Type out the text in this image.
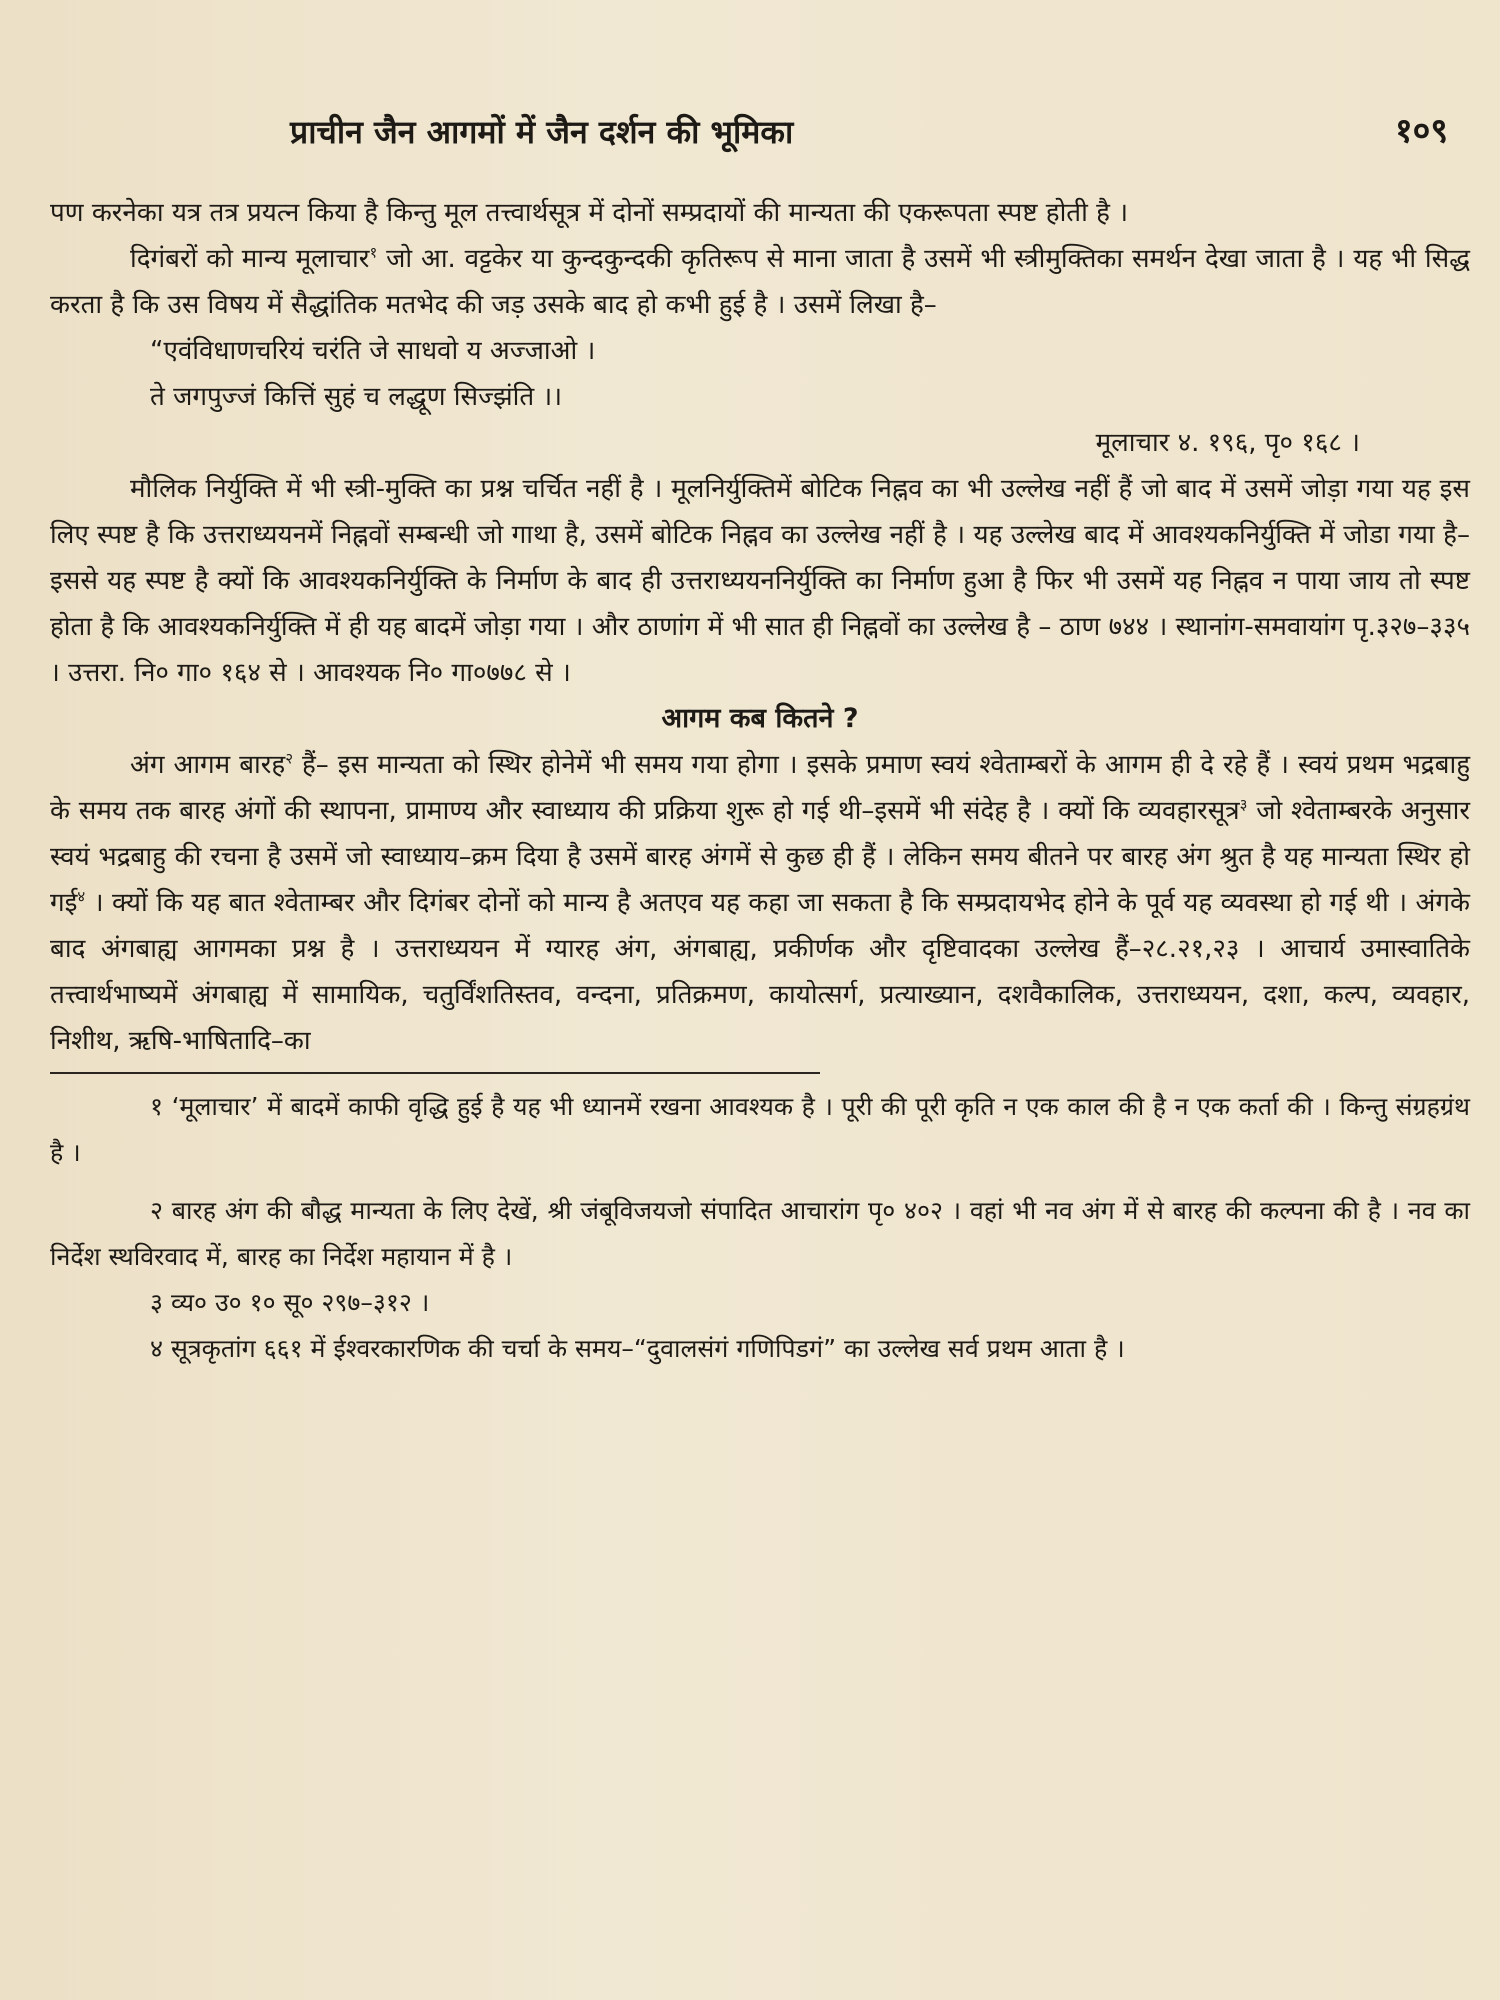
प्राचीन जैन आगमों में जैन दर्शन की भूमिका	१०९

पण करनेका यत्र तत्र प्रयत्न किया है किन्तु मूल तत्त्वार्थसूत्र में दोनों सम्प्रदायों की मान्यता की एकरूपता स्पष्ट होती है ।

दिगंबरों को मान्य मूलाचार$^१$ जो आ. वट्टकेर या कुन्दकुन्दकी कृतिरूप से माना जाता है उसमें भी स्त्रीमुक्तिका समर्थन देखा जाता है । यह भी सिद्ध करता है कि उस विषय में सैद्धांतिक मतभेद की जड़ उसके बाद हो कभी हुई है । उसमें लिखा है–

“एवंविधाणचरियं चरंति जे साधवो य अज्जाओ ।

ते जगपुज्जं कित्तिं सुहं च लद्धूण सिज्झंति ।।

मूलाचार ४. १९६, पृ० १६८ ।

मौलिक निर्युक्ति में भी स्त्री-मुक्ति का प्रश्न चर्चित नहीं है । मूलनिर्युक्तिमें बोटिक निह्नव का भी उल्लेख नहीं हैं जो बाद में उसमें जोड़ा गया यह इस लिए स्पष्ट है कि उत्तराध्ययनमें निह्नवों सम्बन्धी जो गाथा है, उसमें बोटिक निह्नव का उल्लेख नहीं है । यह उल्लेख बाद में आवश्यकनिर्युक्ति में जोडा गया है–इससे यह स्पष्ट है क्यों कि आवश्यकनिर्युक्ति के निर्माण के बाद ही उत्तराध्ययननिर्युक्ति का निर्माण हुआ है फिर भी उसमें यह निह्नव न पाया जाय तो स्पष्ट होता है कि आवश्यकनिर्युक्ति में ही यह बादमें जोड़ा गया । और ठाणांग में भी सात ही निह्नवों का उल्लेख है – ठाण ७४४ । स्थानांग-समवायांग पृ.३२७–३३५ । उत्तरा. नि० गा० १६४ से । आवश्यक नि० गा०७७८ से ।

आगम कब कितने ?

अंग आगम बारह$^२$ हैं– इस मान्यता को स्थिर होनेमें भी समय गया होगा । इसके प्रमाण स्वयं श्वेताम्बरों के आगम ही दे रहे हैं । स्वयं प्रथम भद्रबाहु के समय तक बारह अंगों की स्थापना, प्रामाण्य और स्वाध्याय की प्रक्रिया शुरू हो गई थी–इसमें भी संदेह है । क्यों कि व्यवहारसूत्र$^३$ जो श्वेताम्बरके अनुसार स्वयं भद्रबाहु की रचना है उसमें जो स्वाध्याय–क्रम दिया है उसमें बारह अंगमें से कुछ ही हैं । लेकिन समय बीतने पर बारह अंग श्रुत है यह मान्यता स्थिर हो गई$^४$ । क्यों कि यह बात श्वेताम्बर और दिगंबर दोनों को मान्य है अतएव यह कहा जा सकता है कि सम्प्रदायभेद होने के पूर्व यह व्यवस्था हो गई थी । अंगके बाद अंगबाह्य आगमका प्रश्न है । उत्तराध्ययन में ग्यारह अंग, अंगबाह्य, प्रकीर्णक और दृष्टिवादका उल्लेख हैं–२८.२१,२३ । आचार्य उमास्वातिके तत्त्वार्थभाष्यमें अंगबाह्य में सामायिक, चतुर्विंशतिस्तव, वन्दना, प्रतिक्रमण, कायोत्सर्ग, प्रत्याख्यान, दशवैकालिक, उत्तराध्ययन, दशा, कल्प, व्यवहार, निशीथ, ऋषि-भाषितादि–का

१ ‘मूलाचार’ में बादमें काफी वृद्धि हुई है यह भी ध्यानमें रखना आवश्यक है । पूरी की पूरी कृति न एक काल की है न एक कर्ता की । किन्तु संग्रहग्रंथ है ।

२ बारह अंग की बौद्ध मान्यता के लिए देखें, श्री जंबूविजयजो संपादित आचारांग पृ० ४०२ । वहां भी नव अंग में से बारह की कल्पना की है । नव का निर्देश स्थविरवाद में, बारह का निर्देश महायान में है ।

३ व्य० उ० १० सू० २९७–३१२ ।

४ सूत्रकृतांग ६६१ में ईश्वरकारणिक की चर्चा के समय–“दुवालसंगं गणिपिडगं” का उल्लेख सर्व प्रथम आता है ।
